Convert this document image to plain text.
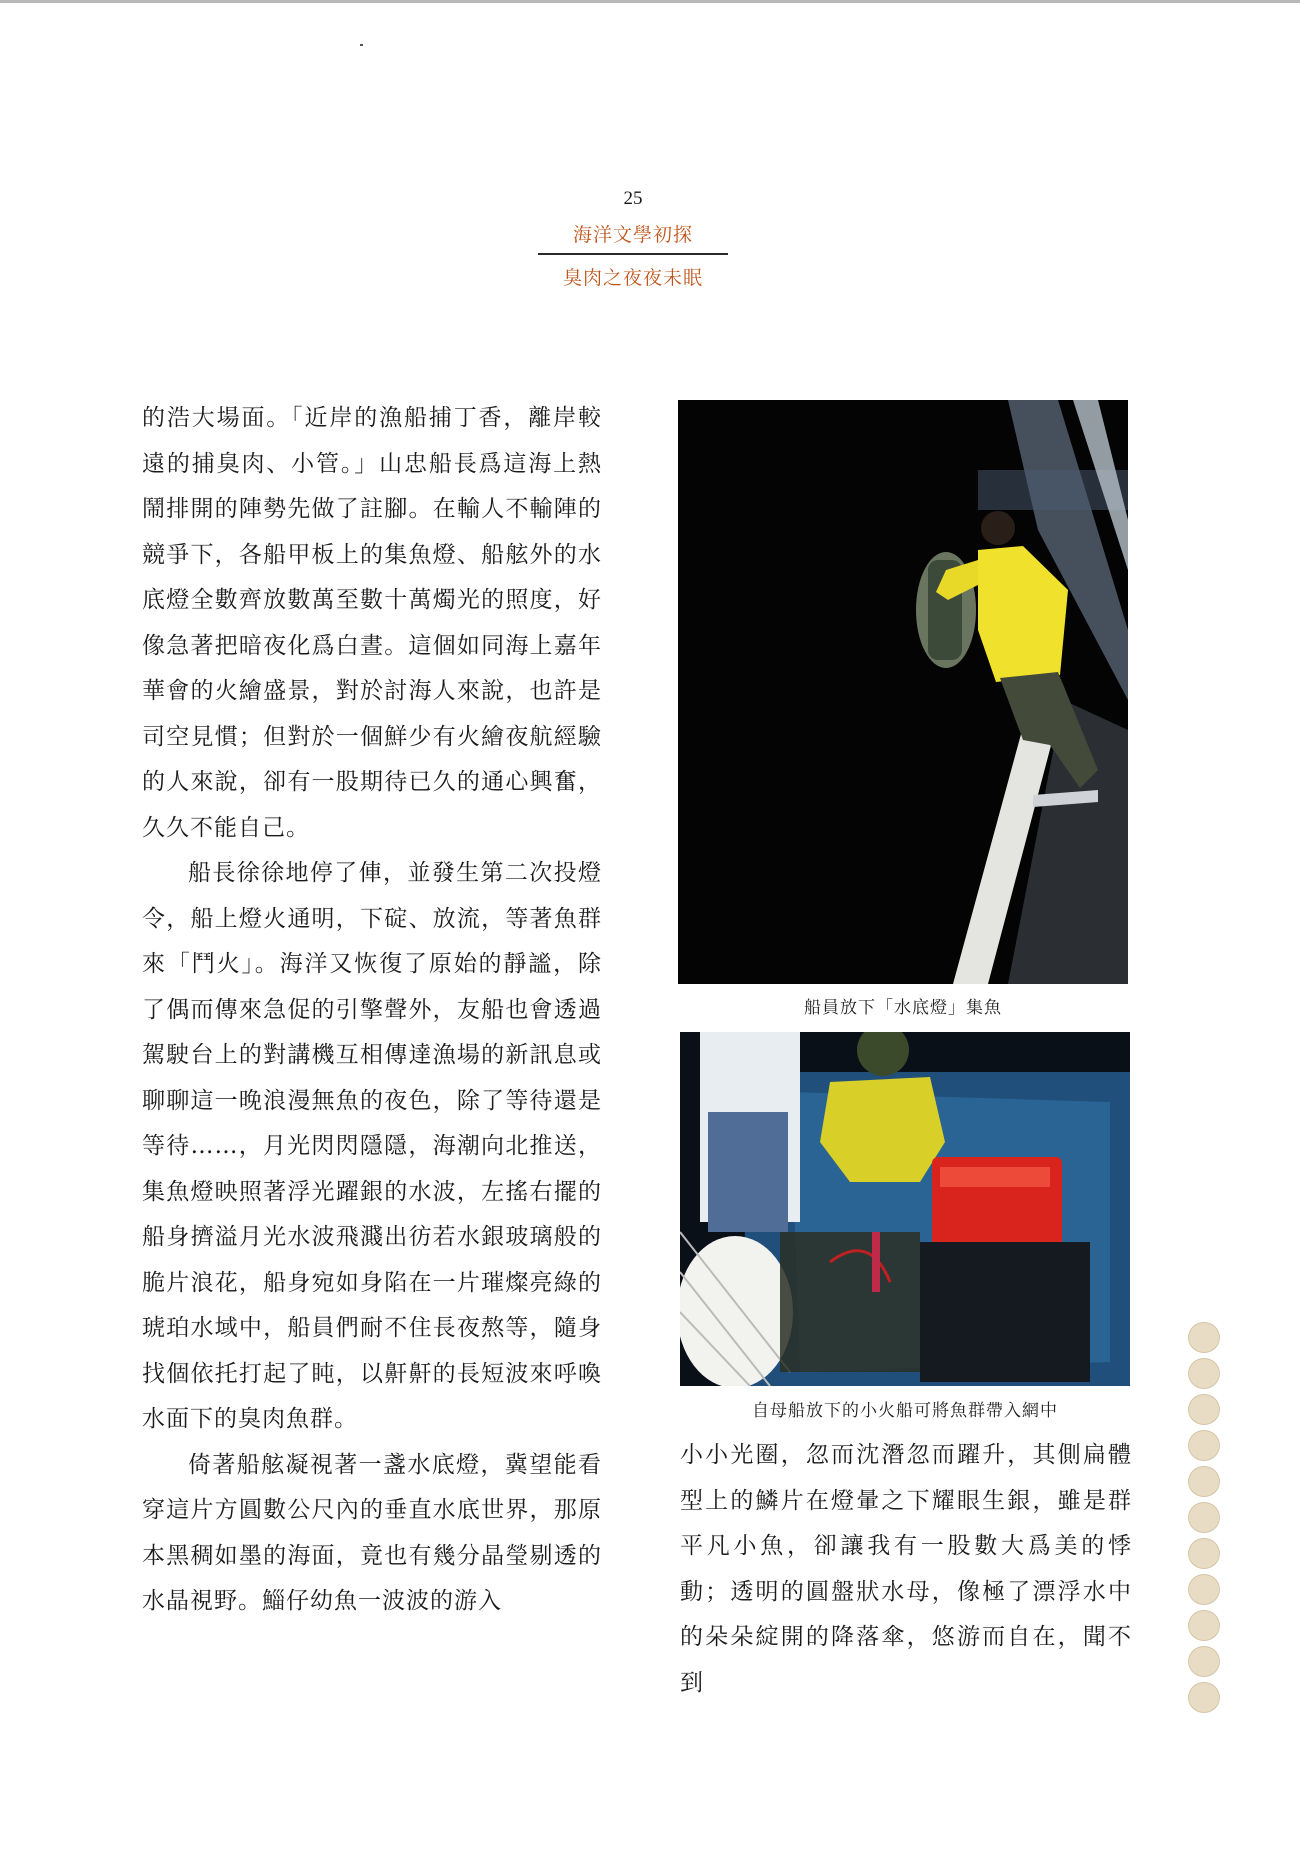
25
海洋文學初探
臭肉之夜夜未眠

的浩大場面。「近岸的漁船捕丁香，離岸較遠的捕臭肉、小管。」山忠船長爲這海上熱鬧排開的陣勢先做了註腳。在輸人不輸陣的競爭下，各船甲板上的集魚燈、船舷外的水底燈全數齊放數萬至數十萬燭光的照度，好像急著把暗夜化爲白晝。這個如同海上嘉年華會的火繪盛景，對於討海人來說，也許是司空見慣；但對於一個鮮少有火繪夜航經驗的人來說，卻有一股期待已久的通心興奮，久久不能自己。

船長徐徐地停了俥，並發生第二次投燈令，船上燈火通明，下碇、放流，等著魚群來「鬥火」。海洋又恢復了原始的靜謐，除了偶而傳來急促的引擎聲外，友船也會透過駕駛台上的對講機互相傳達漁場的新訊息或聊聊這一晚浪漫無魚的夜色，除了等待還是等待……，月光閃閃隱隱，海潮向北推送，集魚燈映照著浮光躍銀的水波，左搖右擺的船身擠溢月光水波飛濺出彷若水銀玻璃般的脆片浪花，船身宛如身陷在一片璀燦亮綠的琥珀水域中，船員們耐不住長夜熬等，隨身找個依托打起了盹，以鼾鼾的長短波來呼喚水面下的臭肉魚群。

倚著船舷凝視著一盞水底燈，冀望能看穿這片方圓數公尺內的垂直水底世界，那原本黑稠如墨的海面，竟也有幾分晶瑩剔透的水晶視野。鯔仔幼魚一波波的游入

船員放下「水底燈」集魚
自母船放下的小火船可將魚群帶入網中

小小光圈，忽而沈潛忽而躍升，其側扁體型上的鱗片在燈暈之下耀眼生銀，雖是群平凡小魚，卻讓我有一股數大爲美的悸動；透明的圓盤狀水母，像極了漂浮水中的朵朵綻開的降落傘，悠游而自在，聞不到
